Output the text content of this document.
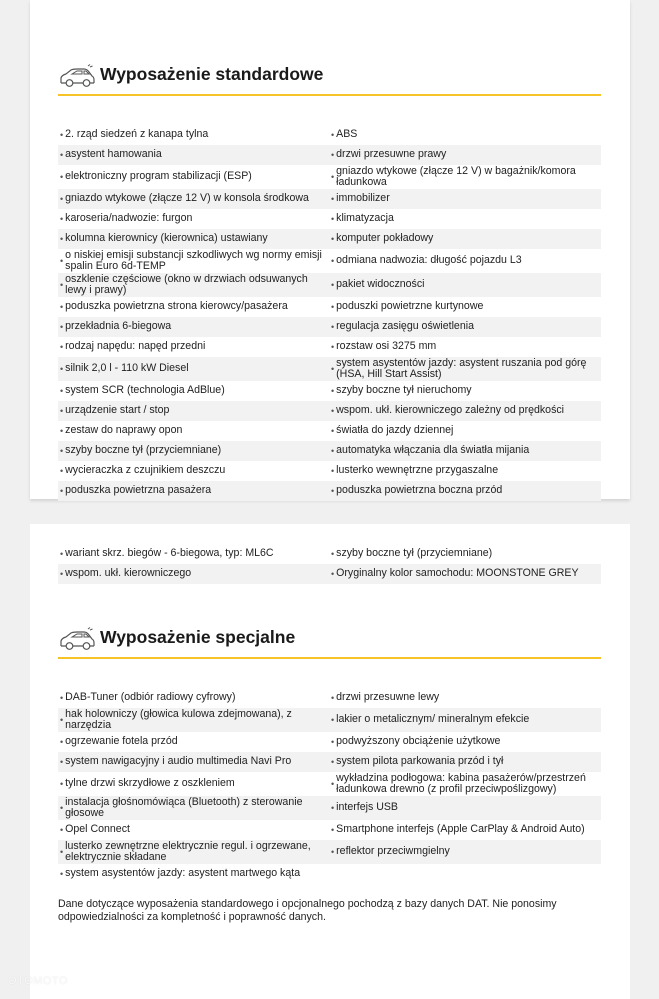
Wyposażenie standardowe
• 2. rząd siedzeń z kanapa tylna	• ABS
• asystent hamowania	• drzwi przesuwne prawy
• elektroniczny program stabilizacji (ESP)	• gniazdo wtykowe (złącze 12 V) w bagażnik/komora ładunkowa
• gniazdo wtykowe (złącze 12 V) w konsola środkowa • immobilizer
• karoseria/nadwozie: furgon	• klimatyzacja
• kolumna kierownicy (kierownica) ustawiany	• komputer pokładowy
• o niskiej emisji substancji szkodliwych wg normy emisji spalin Euro 6d-TEMP	• odmiana nadwozia: długość pojazdu L3
• oszklenie częściowe (okno w drzwiach odsuwanych lewy i prawy)	• pakiet widoczności
• poduszka powietrzna strona kierowcy/pasażera	• poduszki powietrzne kurtynowe
• przekładnia 6-biegowa	• regulacja zasięgu oświetlenia
• rodzaj napędu: napęd przedni	• rozstaw osi 3275 mm
• silnik 2,0 l - 110 kW Diesel	• system asystentów jazdy: asystent ruszania pod górę (HSA, Hill Start Assist)
• system SCR (technologia AdBlue)	• szyby boczne tył nieruchomy
• urządzenie start / stop	• wspom. ukł. kierowniczego zależny od prędkości
• zestaw do naprawy opon	• światła do jazdy dziennej
• szyby boczne tył (przyciemniane)	• automatyka włączania dla światła mijania
• wycieraczka z czujnikiem deszczu	• lusterko wewnętrzne przygaszalne
• poduszka powietrzna pasażera	• poduszka powietrzna boczna przód
• wariant skrz. biegów - 6-biegowa, typ: ML6C	• szyby boczne tył (przyciemniane)
• wspom. ukł. kierowniczego	• Oryginalny kolor samochodu: MOONSTONE GREY
Wyposażenie specjalne
• DAB-Tuner (odbiór radiowy cyfrowy)	• drzwi przesuwne lewy
• hak holowniczy (głowica kulowa zdejmowana), z narzędzia	• lakier o metalicznym/ mineralnym efekcie
• ogrzewanie fotela przód	• podwyższony obciążenie użytkowe
• system nawigacyjny i audio multimedia Navi Pro	• system pilota parkowania przód i tył
• tylne drzwi skrzydłowe z oszkleniem	• wykładzina podłogowa: kabina pasażerów/przestrzeń ładunkowa drewno (z profil przeciwpoślizgowy)
• instalacja głośnomówiąca (Bluetooth) z sterowanie głosowe	• interfejs USB
• Opel Connect	• Smartphone interfejs (Apple CarPlay & Android Auto)
• lusterko zewnętrzne elektrycznie regul. i ogrzewane, elektrycznie składane	• reflektor przeciwmgielny
• system asystentów jazdy: asystent martwego kąta
Dane dotyczące wyposażenia standardowego i opcjonalnego pochodzą z bazy danych DAT. Nie ponosimy odpowiedzialności za kompletność i poprawność danych.
OTOMOTO
